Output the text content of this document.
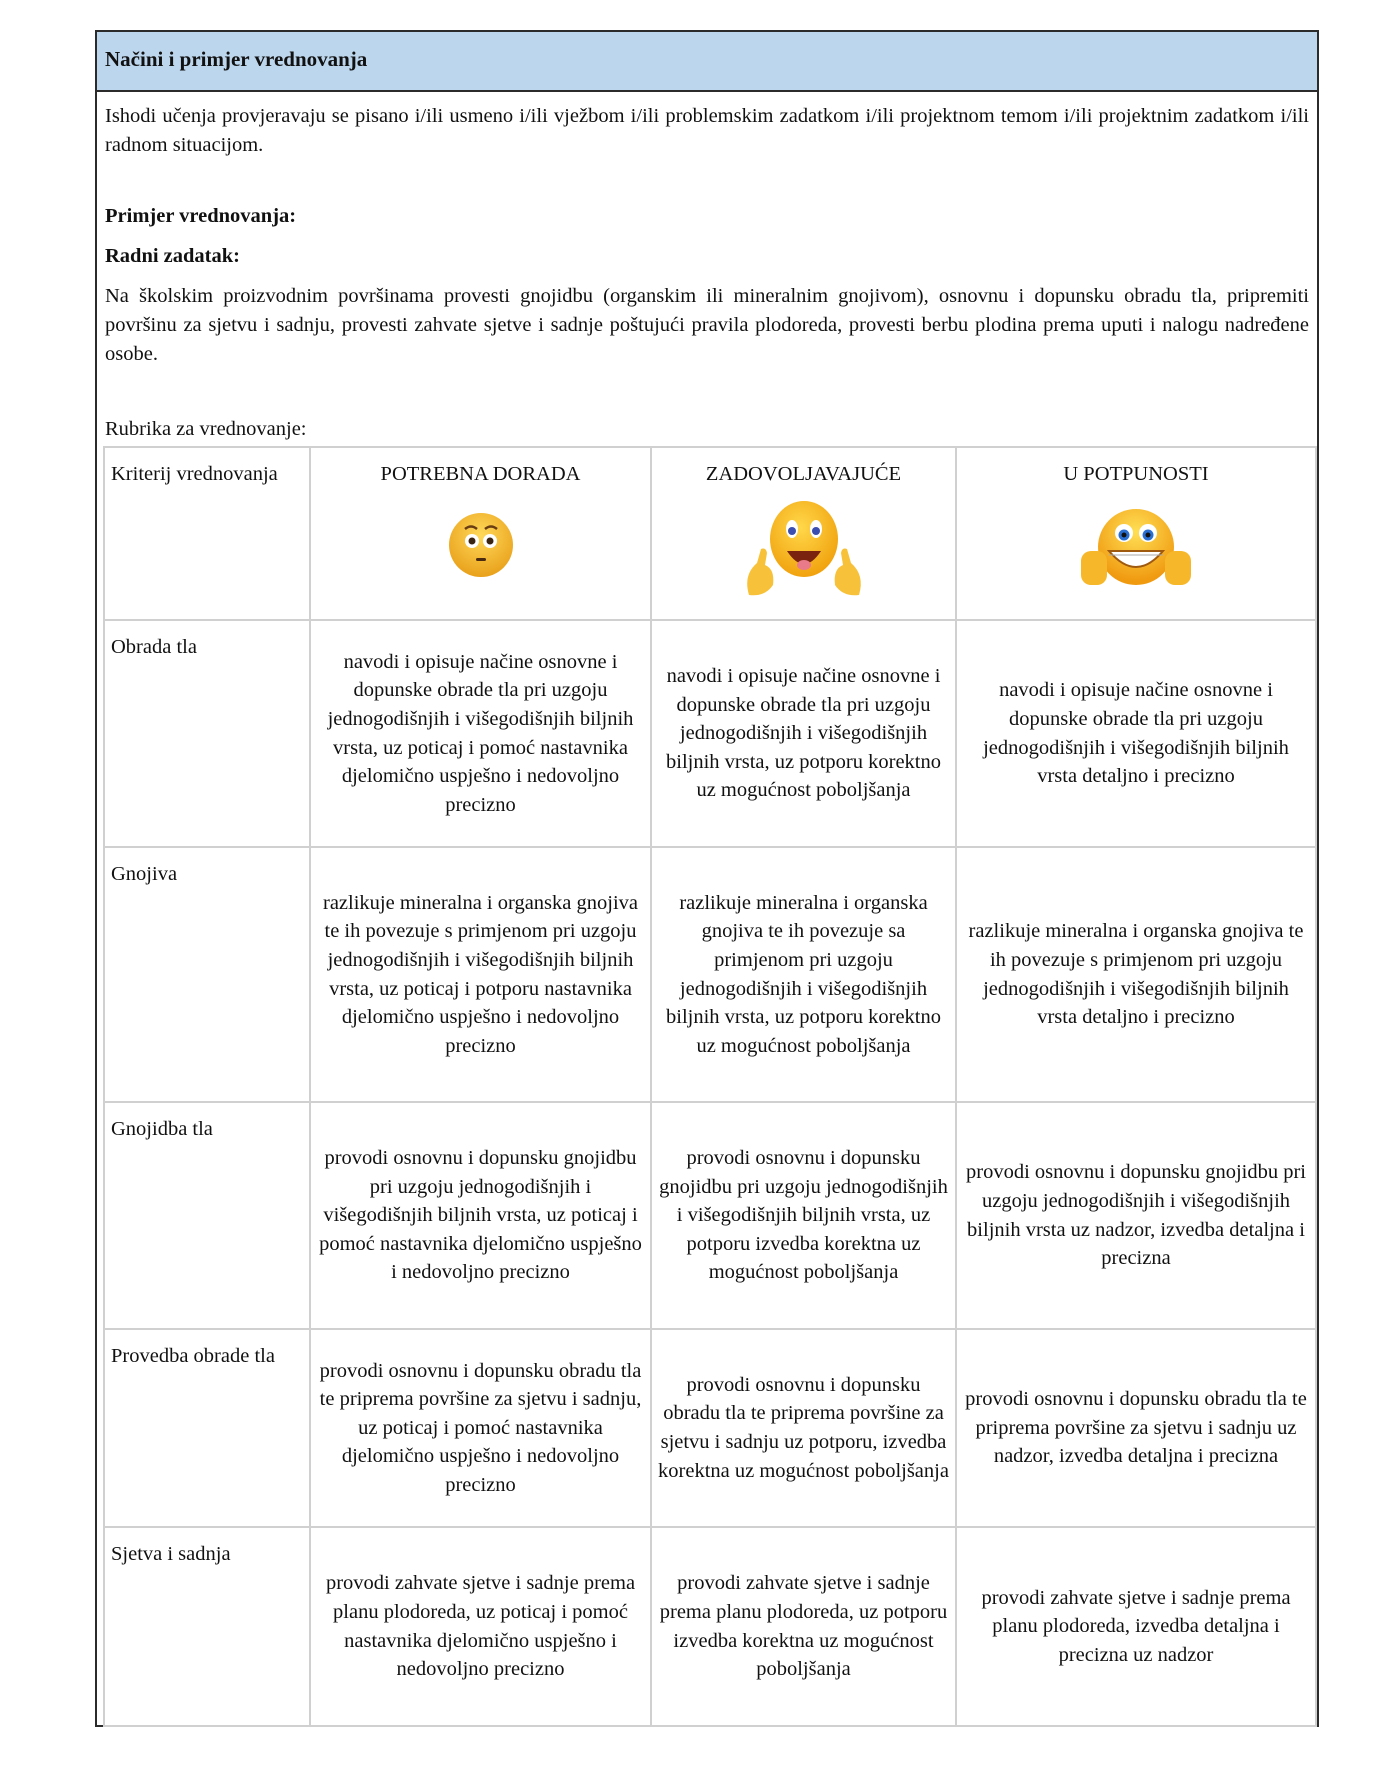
Načini i primjer vrednovanja
Ishodi učenja provjeravaju se pisano i/ili usmeno i/ili vježbom i/ili problemskim zadatkom i/ili projektnom temom i/ili projektnim zadatkom i/ili radnom situacijom.
Primjer vrednovanja:
Radni zadatak:
Na školskim proizvodnim površinama provesti gnojidbu (organskim ili mineralnim gnojivom), osnovnu i dopunsku obradu tla, pripremiti površinu za sjetvu i sadnju, provesti zahvate sjetve i sadnje poštujući pravila plodoreda, provesti berbu plodina prema uputi i nalogu nadređene osobe.
Rubrika za vrednovanje:
Kriterij vrednovanja	POTREBNA DORADA	ZADOVOLJAVAJUĆE	U POTPUNOSTI

Obrada tla	navodi i opisuje načine osnovne i dopunske obrade tla pri uzgoju jednogodišnjih i višegodišnjih biljnih vrsta, uz poticaj i pomoć nastavnika djelomično uspješno i nedovoljno precizno	navodi i opisuje načine osnovne i dopunske obrade tla pri uzgoju jednogodišnjih i višegodišnjih biljnih vrsta, uz potporu korektno uz mogućnost poboljšanja	navodi i opisuje načine osnovne i dopunske obrade tla pri uzgoju jednogodišnjih i višegodišnjih biljnih vrsta detaljno i precizno
Gnojiva	razlikuje mineralna i organska gnojiva te ih povezuje s primjenom pri uzgoju jednogodišnjih i višegodišnjih biljnih vrsta, uz poticaj i potporu nastavnika djelomično uspješno i nedovoljno precizno	razlikuje mineralna i organska gnojiva te ih povezuje sa primjenom pri uzgoju jednogodišnjih i višegodišnjih biljnih vrsta, uz potporu korektno uz mogućnost poboljšanja	razlikuje mineralna i organska gnojiva te ih povezuje s primjenom pri uzgoju jednogodišnjih i višegodišnjih biljnih vrsta detaljno i precizno
Gnojidba tla	provodi osnovnu i dopunsku gnojidbu pri uzgoju jednogodišnjih i višegodišnjih biljnih vrsta, uz poticaj i pomoć nastavnika djelomično uspješno i nedovoljno precizno	provodi osnovnu i dopunsku gnojidbu pri uzgoju jednogodišnjih i višegodišnjih biljnih vrsta, uz potporu izvedba korektna uz mogućnost poboljšanja	provodi osnovnu i dopunsku gnojidbu pri uzgoju jednogodišnjih i višegodišnjih biljnih vrsta uz nadzor, izvedba detaljna i precizna
Provedba obrade tla	provodi osnovnu i dopunsku obradu tla te priprema površine za sjetvu i sadnju, uz poticaj i pomoć nastavnika djelomično uspješno i nedovoljno precizno	provodi osnovnu i dopunsku obradu tla te priprema površine za sjetvu i sadnju uz potporu, izvedba korektna uz mogućnost poboljšanja	provodi osnovnu i dopunsku obradu tla te priprema površine za sjetvu i sadnju uz nadzor, izvedba detaljna i precizna
Sjetva i sadnja	provodi zahvate sjetve i sadnje prema planu plodoreda, uz poticaj i pomoć nastavnika djelomično uspješno i nedovoljno precizno	provodi zahvate sjetve i sadnje prema planu plodoreda, uz potporu izvedba korektna uz mogućnost poboljšanja	provodi zahvate sjetve i sadnje prema planu plodoreda, izvedba detaljna i precizna uz nadzor
